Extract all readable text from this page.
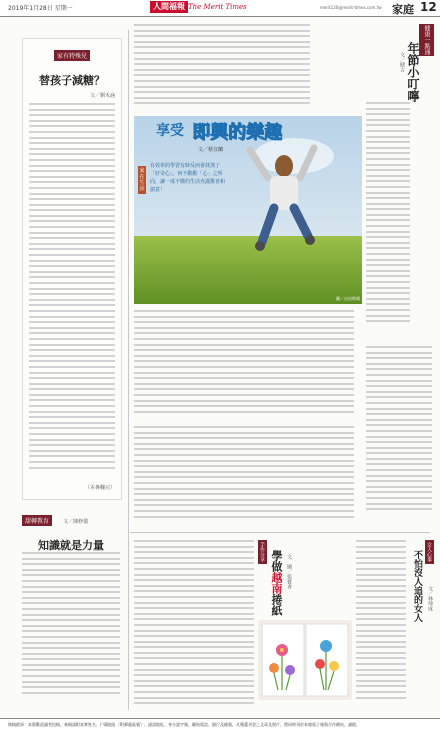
2019年1月28日 星期一	人間福報 The Merit Times	merit120@merit-times.com.tw 家庭 12
家有特殊兒
替孩子減糖？
文／劉禾涵
（本專欄完）
甜轉教育	文／陳修儀
知識就是力量
享受 即興的樂趣
文／蔡宜蘭
家在生活
有效率的學習有時反而會抹煞了「好奇心」。何不動動「心」之所向，讓一成不變的生活充滿驚喜和創意！
圖／自由時報
健康一點通
年節小叮嚀
文／健吉
手作分享 學做越南捲紙
文．圖／張寶香
女人心事
不怕沒人追的女人	文／林坤成
徵稿啟事：本版歡迎讀者投稿，來稿請附真實姓名、戶籍地址（附郵遞區號）、通訊地址、身分證字號、聯絡電話、銀行及帳號，凡獲選刊登之文章及照片，將同時刊於本報電子報與合作網站，謹啟。
